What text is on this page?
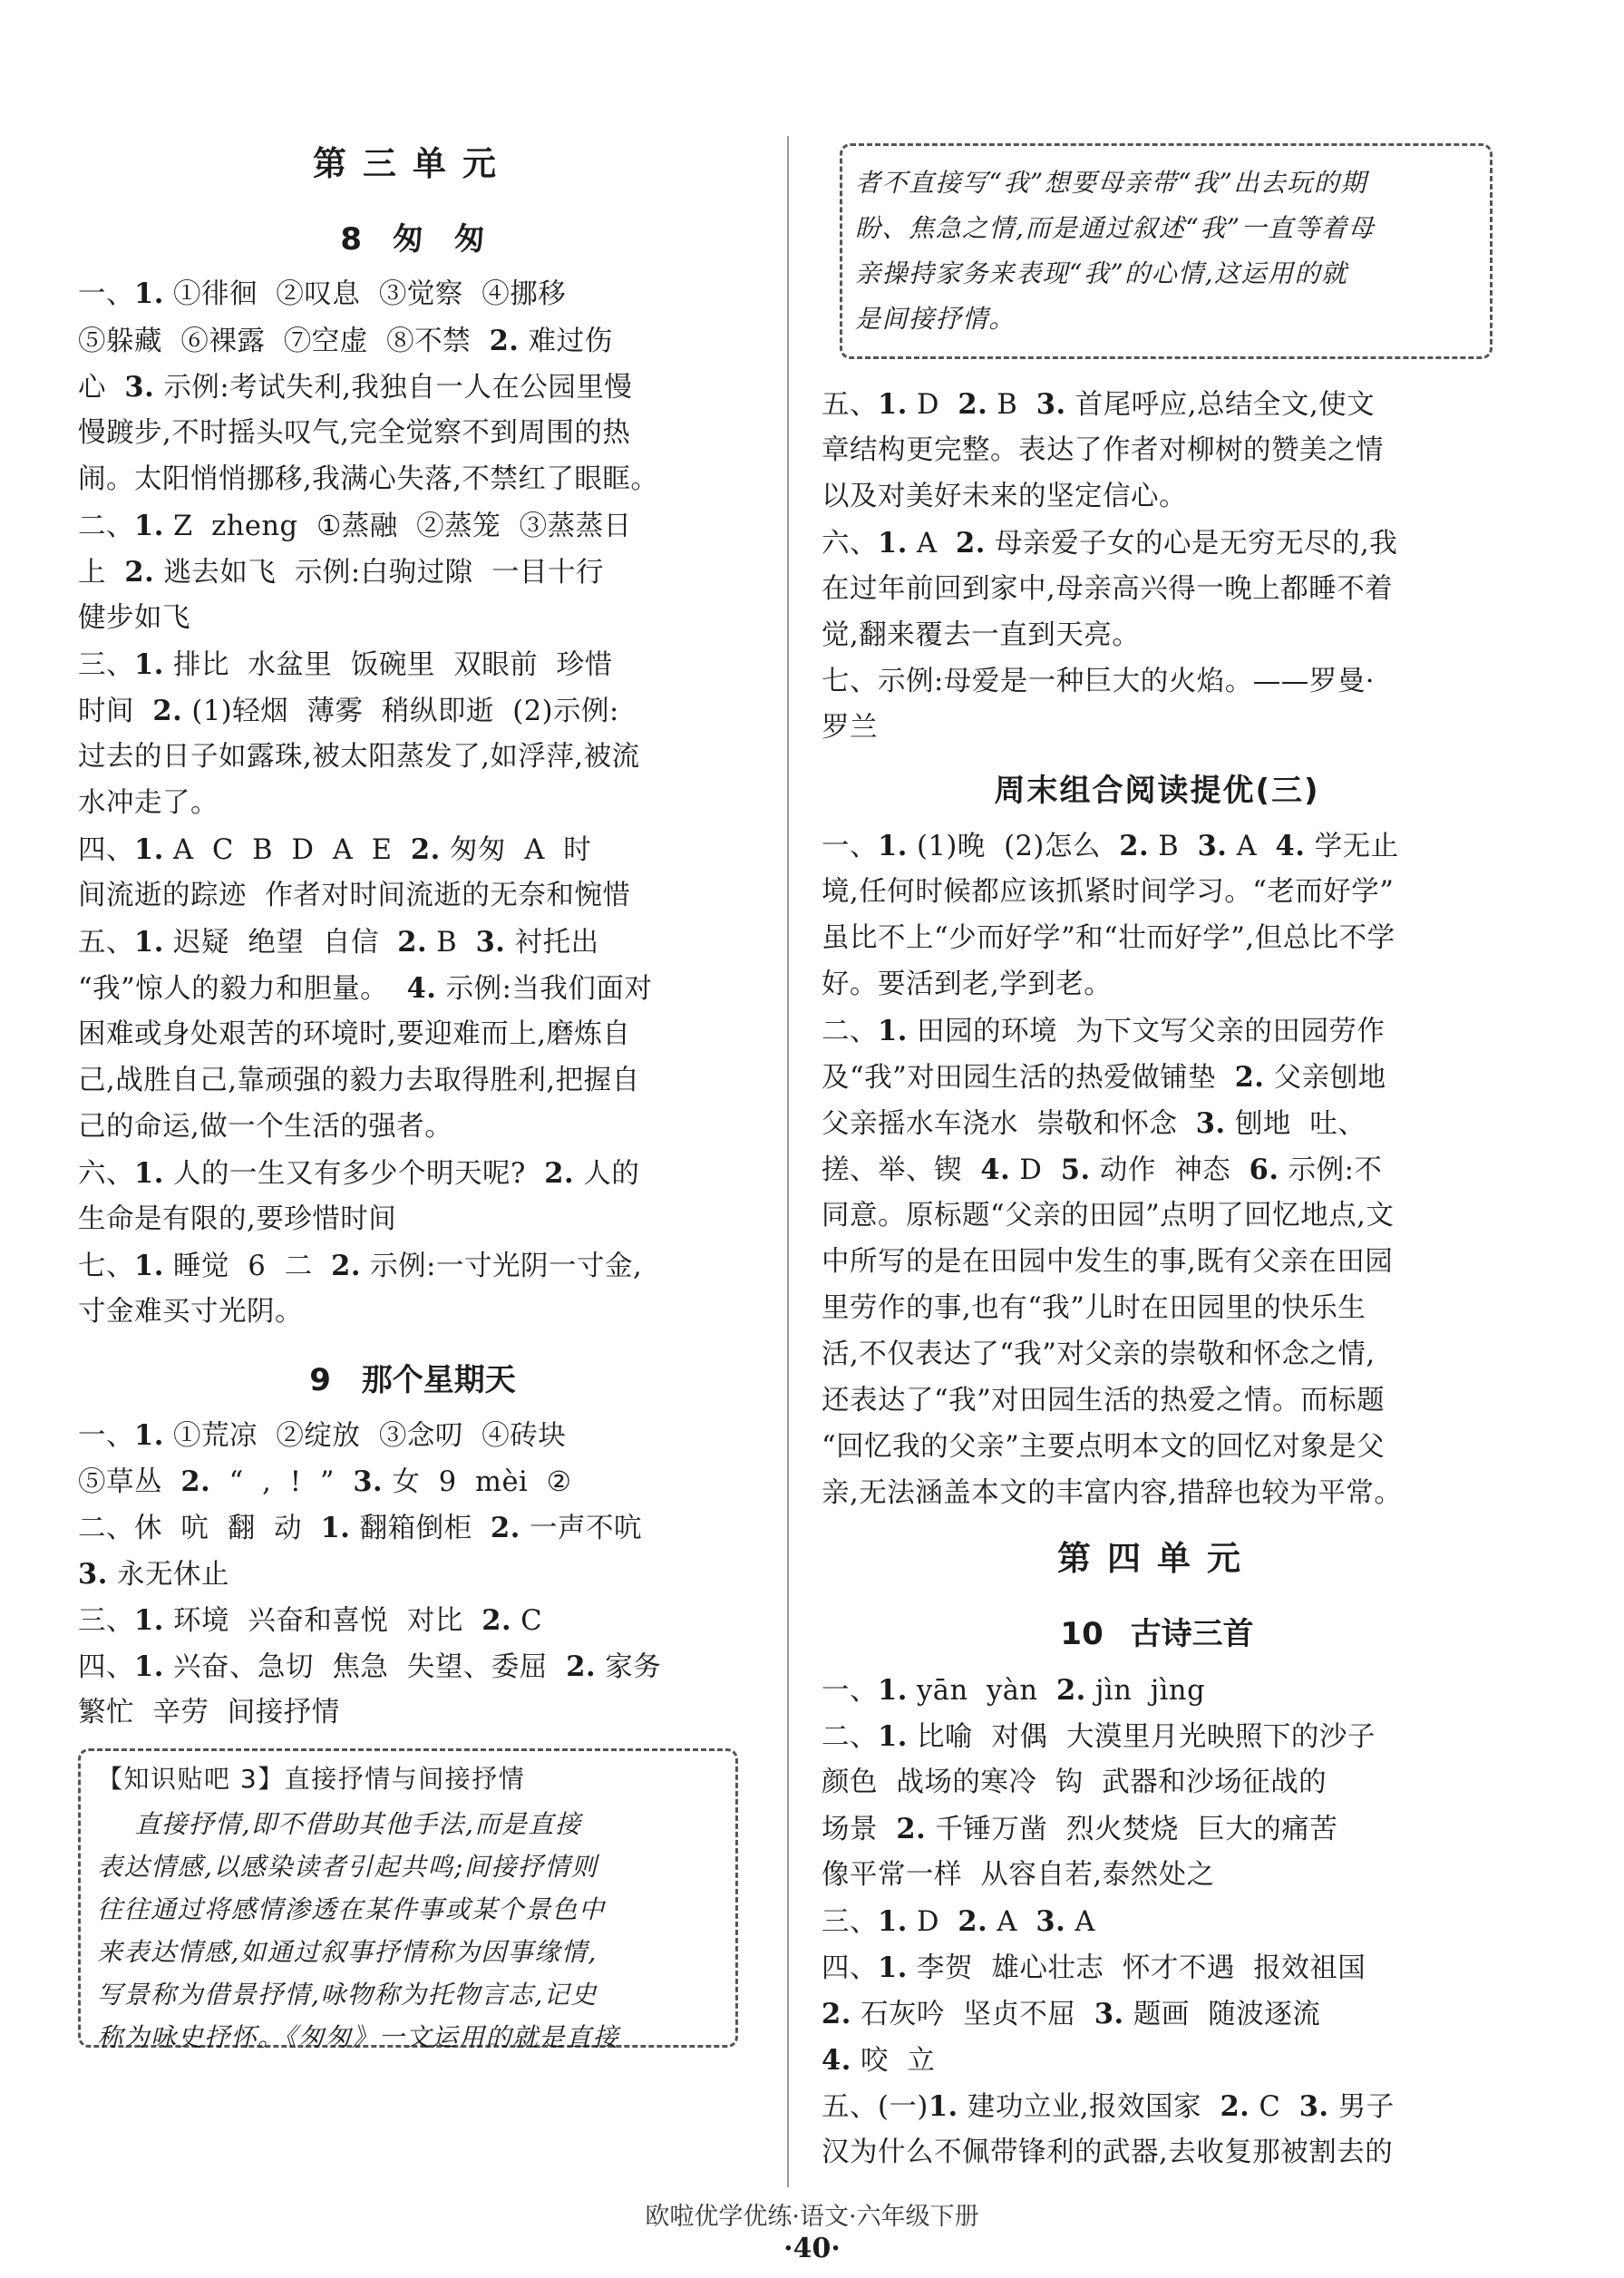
第三单元
8 匆 匆
一、1. ①徘徊  ②叹息  ③觉察  ④挪移
⑤躲藏  ⑥裸露  ⑦空虚  ⑧不禁  2. 难过伤
心  3. 示例:考试失利,我独自一人在公园里慢
慢踱步,不时摇头叹气,完全觉察不到周围的热
闹。太阳悄悄挪移,我满心失落,不禁红了眼眶。
二、1. Z  zheng  ①蒸融  ②蒸笼  ③蒸蒸日
上  2. 逃去如飞  示例:白驹过隙  一目十行
健步如飞
三、1. 排比  水盆里  饭碗里  双眼前  珍惜
时间  2. (1)轻烟  薄雾  稍纵即逝  (2)示例:
过去的日子如露珠,被太阳蒸发了,如浮萍,被流
水冲走了。
四、1. A  C  B  D  A  E  2. 匆匆  A  时
间流逝的踪迹  作者对时间流逝的无奈和惋惜
五、1. 迟疑  绝望  自信  2. B  3. 衬托出
“我”惊人的毅力和胆量。  4. 示例:当我们面对
困难或身处艰苦的环境时,要迎难而上,磨炼自
己,战胜自己,靠顽强的毅力去取得胜利,把握自
己的命运,做一个生活的强者。
六、1. 人的一生又有多少个明天呢?  2. 人的
生命是有限的,要珍惜时间
七、1. 睡觉  6  二  2. 示例:一寸光阴一寸金,
寸金难买寸光阴。
9 那个星期天
一、1. ①荒凉  ②绽放  ③念叨  ④砖块
⑤草丛  2.  “  ,  !  ”  3. 女  9  mèi  ②
二、休  吭  翻  动  1. 翻箱倒柜  2. 一声不吭
3. 永无休止
三、1. 环境  兴奋和喜悦  对比  2. C
四、1. 兴奋、急切  焦急  失望、委屈  2. 家务
繁忙  辛劳  间接抒情
【知识贴吧 3】直接抒情与间接抒情
直接抒情,即不借助其他手法,而是直接
表达情感,以感染读者引起共鸣;间接抒情则
往往通过将感情渗透在某件事或某个景色中
来表达情感,如通过叙事抒情称为因事缘情,
写景称为借景抒情,咏物称为托物言志,记史
称为咏史抒怀。《匆匆》一文运用的就是直接
者不直接写“我”想要母亲带“我”出去玩的期
盼、焦急之情,而是通过叙述“我”一直等着母
亲操持家务来表现“我”的心情,这运用的就
是间接抒情。
五、1. D  2. B  3. 首尾呼应,总结全文,使文
章结构更完整。表达了作者对柳树的赞美之情
以及对美好未来的坚定信心。
六、1. A  2. 母亲爱子女的心是无穷无尽的,我
在过年前回到家中,母亲高兴得一晚上都睡不着
觉,翻来覆去一直到天亮。
七、示例:母爱是一种巨大的火焰。——罗曼·
罗兰
周末组合阅读提优(三)
一、1. (1)晚  (2)怎么  2. B  3. A  4. 学无止
境,任何时候都应该抓紧时间学习。“老而好学”
虽比不上“少而好学”和“壮而好学”,但总比不学
好。要活到老,学到老。
二、1. 田园的环境  为下文写父亲的田园劳作
及“我”对田园生活的热爱做铺垫  2. 父亲刨地
父亲摇水车浇水  崇敬和怀念  3. 刨地  吐、
搓、举、锲  4. D  5. 动作  神态  6. 示例:不
同意。原标题“父亲的田园”点明了回忆地点,文
中所写的是在田园中发生的事,既有父亲在田园
里劳作的事,也有“我”儿时在田园里的快乐生
活,不仅表达了“我”对父亲的崇敬和怀念之情,
还表达了“我”对田园生活的热爱之情。而标题
“回忆我的父亲”主要点明本文的回忆对象是父
亲,无法涵盖本文的丰富内容,措辞也较为平常。
第四单元
10 古诗三首
一、1. yān  yàn  2. jìn  jìng
二、1. 比喻  对偶  大漠里月光映照下的沙子
颜色  战场的寒冷  钩  武器和沙场征战的
场景  2. 千锤万凿  烈火焚烧  巨大的痛苦
像平常一样  从容自若,泰然处之
三、1. D  2. A  3. A
四、1. 李贺  雄心壮志  怀才不遇  报效祖国
2. 石灰吟  坚贞不屈  3. 题画  随波逐流
4. 咬  立
五、(一)1. 建功立业,报效国家  2. C  3. 男子
汉为什么不佩带锋利的武器,去收复那被割去的
欧啦优学优练·语文·六年级下册
·40·
